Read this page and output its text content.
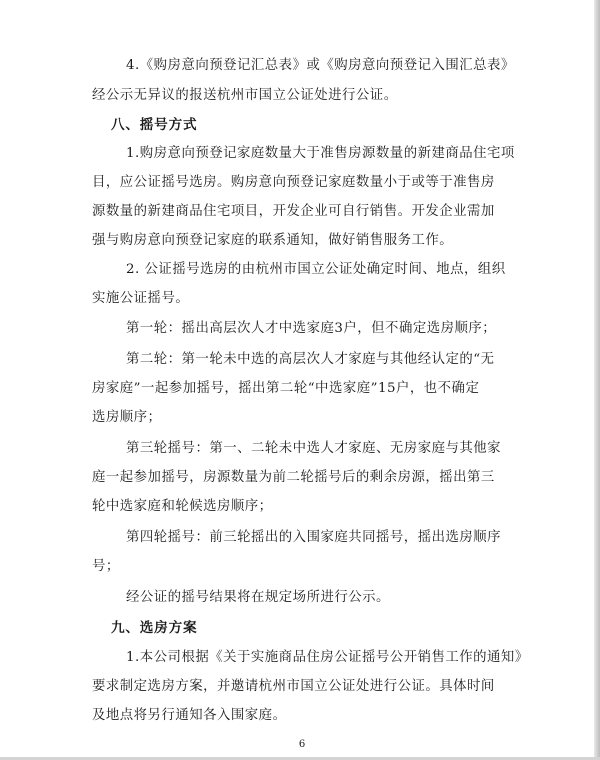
4.《购房意向预登记汇总表》或《购房意向预登记入围汇总表》
经公示无异议的报送杭州市国立公证处进行公证。
八、摇号方式
1.购房意向预登记家庭数量大于准售房源数量的新建商品住宅项
目，应公证摇号选房。购房意向预登记家庭数量小于或等于准售房
源数量的新建商品住宅项目，开发企业可自行销售。开发企业需加
强与购房意向预登记家庭的联系通知，做好销售服务工作。
2. 公证摇号选房的由杭州市国立公证处确定时间、地点，组织
实施公证摇号。
第一轮：摇出高层次人才中选家庭3户，但不确定选房顺序；
第二轮：第一轮未中选的高层次人才家庭与其他经认定的“无
房家庭”一起参加摇号，摇出第二轮“中选家庭”15户，也不确定
选房顺序；
第三轮摇号：第一、二轮未中选人才家庭、无房家庭与其他家
庭一起参加摇号，房源数量为前二轮摇号后的剩余房源，摇出第三
轮中选家庭和轮候选房顺序；
第四轮摇号：前三轮摇出的入围家庭共同摇号，摇出选房顺序
号；
经公证的摇号结果将在规定场所进行公示。
九、选房方案
1.本公司根据《关于实施商品住房公证摇号公开销售工作的通知》
要求制定选房方案，并邀请杭州市国立公证处进行公证。具体时间
及地点将另行通知各入围家庭。
6
